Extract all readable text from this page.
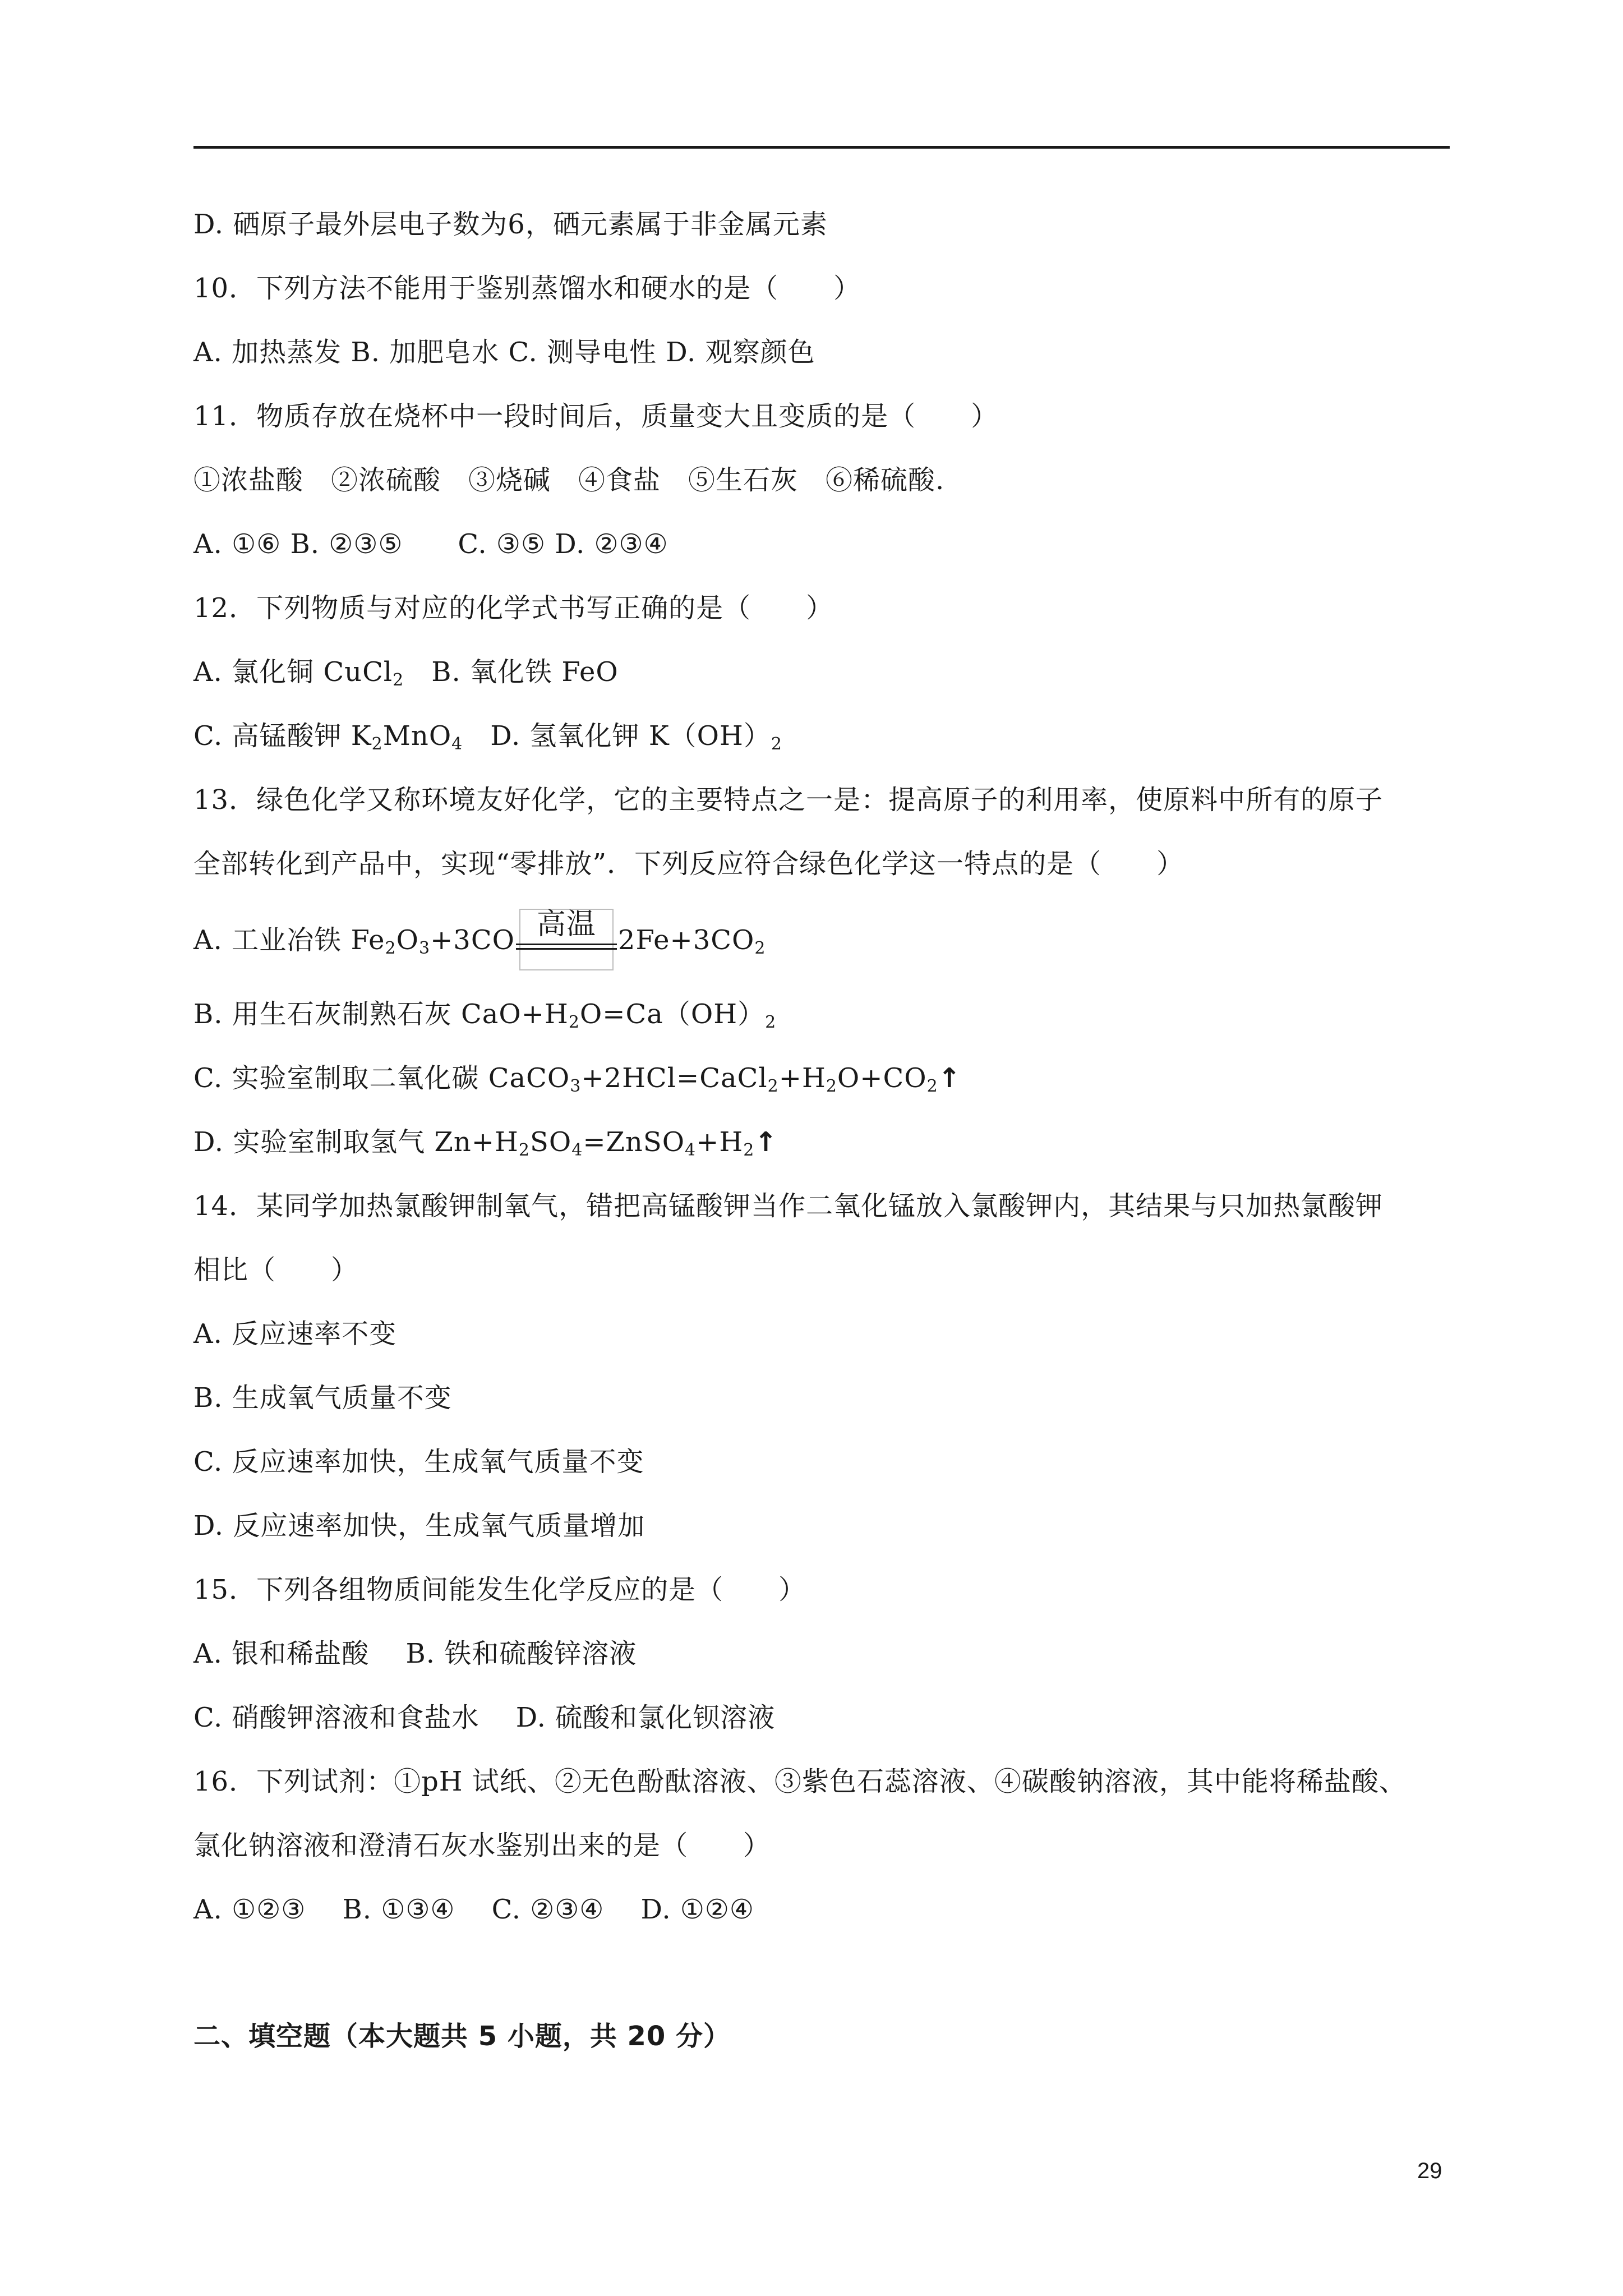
D. 硒原子最外层电子数为6，硒元素属于非金属元素
10．下列方法不能用于鉴别蒸馏水和硬水的是（　　）
A. 加热蒸发 B. 加肥皂水 C. 测导电性 D. 观察颜色
11．物质存放在烧杯中一段时间后，质量变大且变质的是（　　）
①浓盐酸　②浓硫酸　③烧碱　④食盐　⑤生石灰　⑥稀硫酸.
A. ①⑥ B. ②③⑤　　C. ③⑤ D. ②③④
12．下列物质与对应的化学式书写正确的是（　　）
A. 氯化铜 CuCl$_2$　B. 氧化铁 FeO
C. 高锰酸钾 $K_2MnO_4$　D. 氢氧化钾 $K(OH)_2$
13．绿色化学又称环境友好化学，它的主要特点之一是：提高原子的利用率，使原料中所有的原子
全部转化到产品中，实现“零排放”．下列反应符合绿色化学这一特点的是（　　）
A. 工业冶铁 $Fe_2O_3+3CO$ 高温 $2Fe+3CO_2$
B. 用生石灰制熟石灰 $CaO+H_2O=Ca(OH)_2$
C. 实验室制取二氧化碳 $CaCO_3+2HCl=CaCl_2+H_2O+CO_2↑$
D. 实验室制取氢气 $Zn+H_2SO_4=ZnSO_4+H_2↑$
14．某同学加热氯酸钾制氧气，错把高锰酸钾当作二氧化锰放入氯酸钾内，其结果与只加热氯酸钾
相比（　　）
A. 反应速率不变
B. 生成氧气质量不变
C. 反应速率加快，生成氧气质量不变
D. 反应速率加快，生成氧气质量增加
15．下列各组物质间能发生化学反应的是（　　）
A. 银和稀盐酸　 B. 铁和硫酸锌溶液
C. 硝酸钾溶液和食盐水　 D. 硫酸和氯化钡溶液
16．下列试剂：①pH 试纸、②无色酚酞溶液、③紫色石蕊溶液、④碳酸钠溶液，其中能将稀盐酸、
氯化钠溶液和澄清石灰水鉴别出来的是（　　）
A. ①②③　 B. ①③④　 C. ②③④　 D. ①②④
二、填空题（本大题共 5 小题，共 20 分）
29
